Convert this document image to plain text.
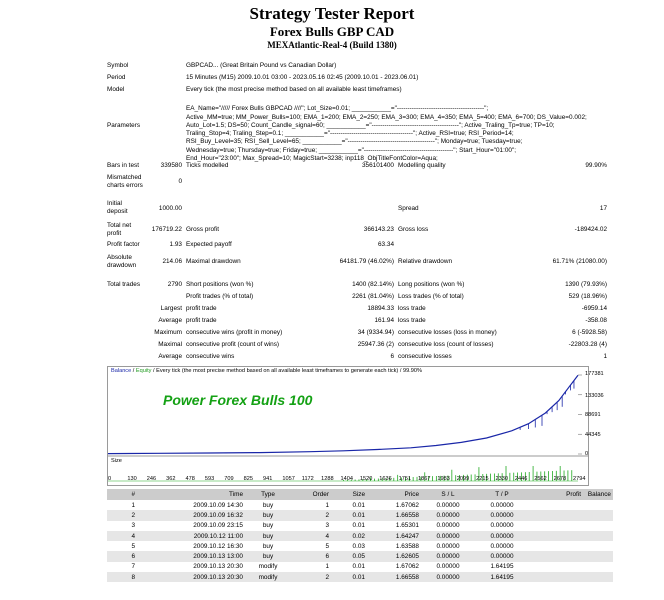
Strategy Tester Report
Forex Bulls GBP CAD
MEXAtlantic-Real-4 (Build 1380)
Symbol	GBPCAD... (Great Britain Pound vs Canadian Dollar)
Period	15 Minutes (M15) 2009.10.01 03:00 - 2023.05.16 02:45 (2009.10.01 - 2023.06.01)
Model	Every tick (the most precise method based on all available least timeframes)
Parameters

EA_Name="///// Forex Bulls GBPCAD ////"; Lot_Size=0.01; ___________="-----------------------------------------";
Active_MM=true; MM_Power_Bulls=100; EMA_1=200; EMA_2=250; EMA_3=300; EMA_4=350; EMA_5=400; EMA_6=700; DS_Value=0.002;
Auto_Lot=1.5; DS=50; Count_Candle_signal=60; ___________="-----------------------------------------"; Active_Traling_Tp=true; TP=10;
Traling_Stop=4; Traling_Step=0.1; ___________="---------------------------------------"; Active_RSI=true; RSI_Period=14;
RSI_Buy_Level=35; RSI_Sell_Level=65; ___________="-----------------------------------------"; Monday=true; Tuesday=true;
Wednesday=true; Thursday=true; Friday=true; ___________="------------------------------------------"; Start_Hour="01:00";
End_Hour="23:00"; Max_Spread=10; MagicStart=3238; inp118_ObjTitleFontColor=Aqua;

Bars in test	339580 Ticks modelled	356101400 Modelling quality	99.90%
Mismatched
charts errors
0
Initial
deposit	1000.00	Spread	17
Total net
profit
176719.22 Gross profit	366143.23 Gross loss	-189424.02
Profit factor	1.93 Expected payoff	63.34
Absolute
drawdown
214.06 Maximal drawdown	64181.79 (46.02%) Relative drawdown	61.71% (21080.00)
Total trades	2790 Short positions (won %)	1400 (82.14%) Long positions (won %)	1390 (79.93%)
Profit trades (% of total)	2261 (81.04%) Loss trades (% of total)	529 (18.96%)
Largest profit trade	18894.33 loss trade	-6959.14
Average profit trade	161.94 loss trade	-358.08
Maximum consecutive wins (profit in money)	34 (9334.94) consecutive losses (loss in money)	6 (-5928.58)
Maximal consecutive profit (count of wins)	25947.36 (2) consecutive loss (count of losses)	-22803.28 (4)
Average consecutive wins	6 consecutive losses	1
Balance / Equity / Every tick (the most precise method based on all available least timeframes to generate each tick) / 99.90%
Power Forex Bulls 100
Size
177381
133036
88691
44345
0
0	130 246 362 478 593 709 825 941 1057 1172 1288 1404 1520 1636 1751 1867 1983 2099 2215 2330 2446 2562 2678 2794
#	Time	Type	Order	Size	Price	S / L	T / P	Profit	Balance
1	2009.10.09 14:30	buy	1	0.01	1.67062	0.00000	0.00000		
2	2009.10.09 16:32	buy	2	0.01	1.66558	0.00000	0.00000		
3	2009.10.09 23:15	buy	3	0.01	1.65301	0.00000	0.00000		
4	2009.10.12 11:00	buy	4	0.02	1.64247	0.00000	0.00000		
5	2009.10.12 16:30	buy	5	0.03	1.63588	0.00000	0.00000		
6	2009.10.13 13:00	buy	6	0.05	1.62605	0.00000	0.00000		
7	2009.10.13 20:30	modify	1	0.01	1.67062	0.00000	1.64195		
8	2009.10.13 20:30	modify	2	0.01	1.66558	0.00000	1.64195		
